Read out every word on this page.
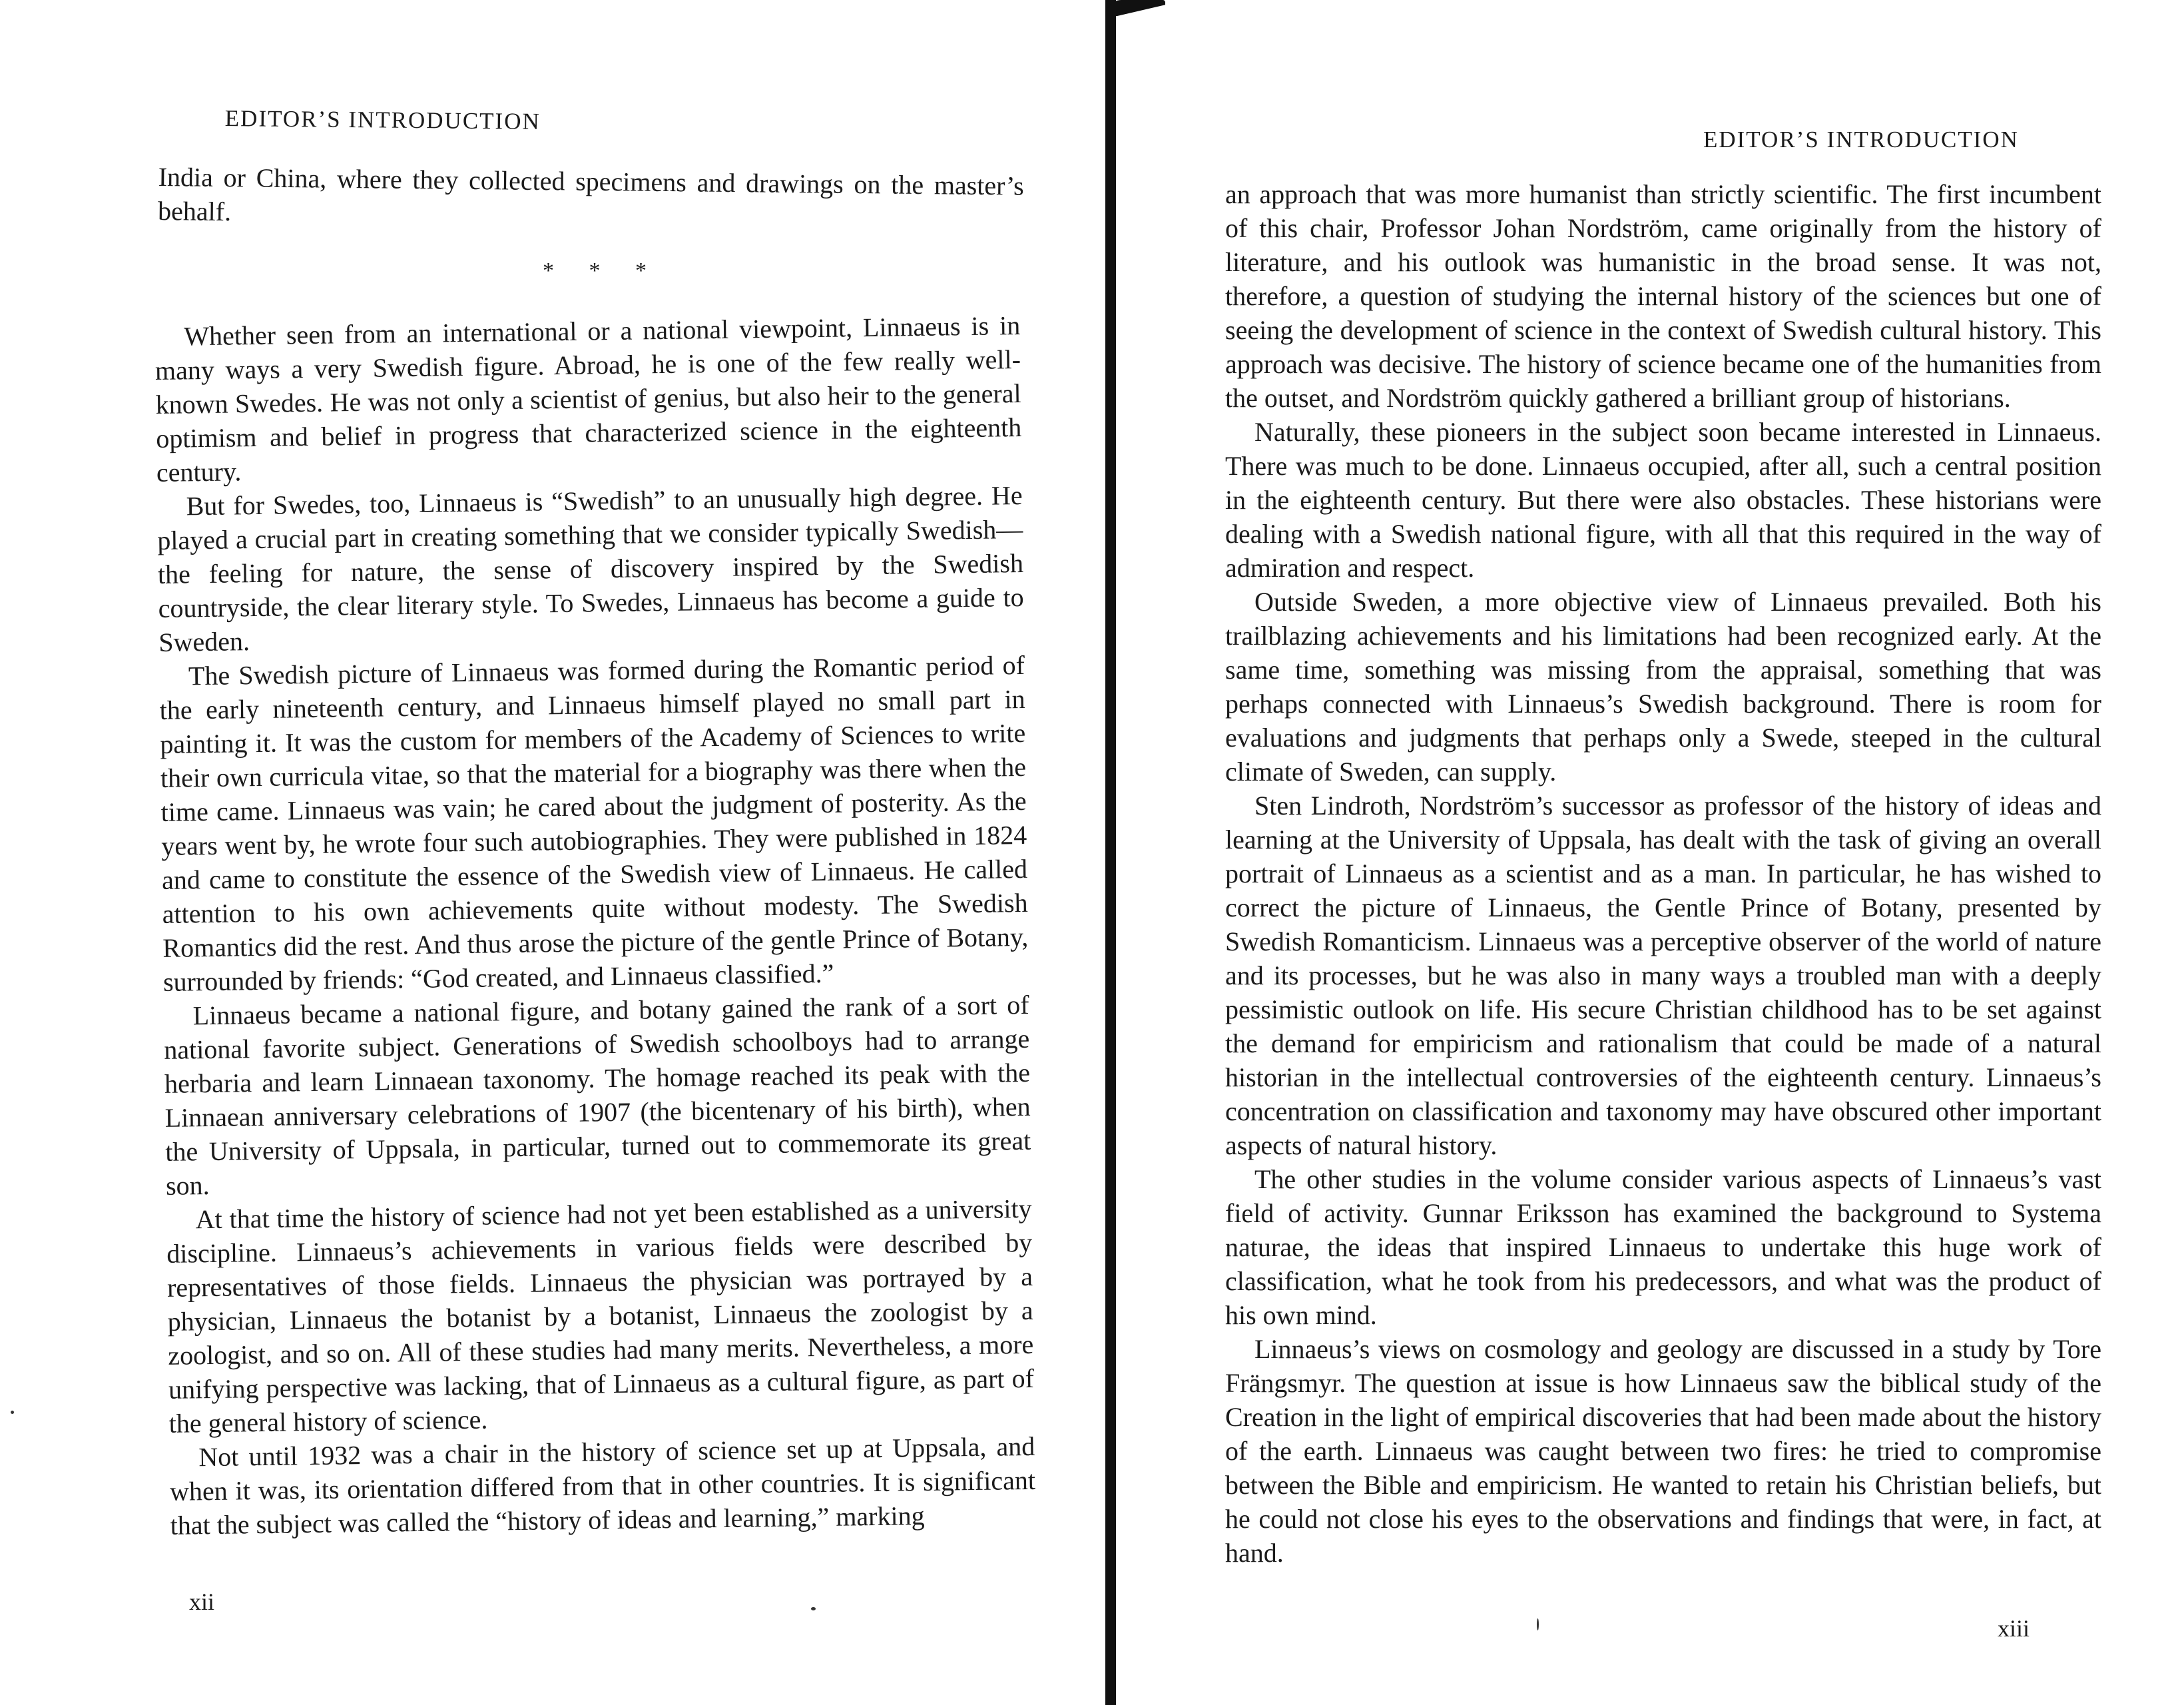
EDITOR’S INTRODUCTION

India or China, where they collected specimens and drawings on the master’s behalf.

* * *

Whether seen from an international or a national viewpoint, Linnaeus is in many ways a very Swedish figure. Abroad, he is one of the few really well-known Swedes. He was not only a scientist of genius, but also heir to the general optimism and belief in progress that characterized science in the eighteenth century.

But for Swedes, too, Linnaeus is “Swedish” to an unusually high degree. He played a crucial part in creating something that we consider typically Swedish—the feeling for nature, the sense of discovery inspired by the Swedish countryside, the clear literary style. To Swedes, Linnaeus has become a guide to Sweden.

The Swedish picture of Linnaeus was formed during the Romantic period of the early nineteenth century, and Linnaeus himself played no small part in painting it. It was the custom for members of the Academy of Sciences to write their own curricula vitae, so that the material for a biography was there when the time came. Linnaeus was vain; he cared about the judgment of posterity. As the years went by, he wrote four such autobiographies. They were published in 1824 and came to constitute the essence of the Swedish view of Linnaeus. He called attention to his own achievements quite without modesty. The Swedish Romantics did the rest. And thus arose the picture of the gentle Prince of Botany, surrounded by friends: “God created, and Linnaeus classified.”

Linnaeus became a national figure, and botany gained the rank of a sort of national favorite subject. Generations of Swedish schoolboys had to arrange herbaria and learn Linnaean taxonomy. The homage reached its peak with the Linnaean anniversary celebrations of 1907 (the bicentenary of his birth), when the University of Uppsala, in particular, turned out to commemorate its great son.

At that time the history of science had not yet been established as a university discipline. Linnaeus’s achievements in various fields were described by representatives of those fields. Linnaeus the physician was portrayed by a physician, Linnaeus the botanist by a botanist, Linnaeus the zoologist by a zoologist, and so on. All of these studies had many merits. Nevertheless, a more unifying perspective was lacking, that of Linnaeus as a cultural figure, as part of the general history of science.

Not until 1932 was a chair in the history of science set up at Uppsala, and when it was, its orientation differed from that in other countries. It is significant that the subject was called the “history of ideas and learning,” marking

xii

EDITOR’S INTRODUCTION

an approach that was more humanist than strictly scientific. The first incumbent of this chair, Professor Johan Nordström, came originally from the history of literature, and his outlook was humanistic in the broad sense. It was not, therefore, a question of studying the internal history of the sciences but one of seeing the development of science in the context of Swedish cultural history. This approach was decisive. The history of science became one of the humanities from the outset, and Nordström quickly gathered a brilliant group of historians.

Naturally, these pioneers in the subject soon became interested in Linnaeus. There was much to be done. Linnaeus occupied, after all, such a central position in the eighteenth century. But there were also obstacles. These historians were dealing with a Swedish national figure, with all that this required in the way of admiration and respect.

Outside Sweden, a more objective view of Linnaeus prevailed. Both his trailblazing achievements and his limitations had been recognized early. At the same time, something was missing from the appraisal, something that was perhaps connected with Linnaeus’s Swedish background. There is room for evaluations and judgments that perhaps only a Swede, steeped in the cultural climate of Sweden, can supply.

Sten Lindroth, Nordström’s successor as professor of the history of ideas and learning at the University of Uppsala, has dealt with the task of giving an overall portrait of Linnaeus as a scientist and as a man. In particular, he has wished to correct the picture of Linnaeus, the Gentle Prince of Botany, presented by Swedish Romanticism. Linnaeus was a perceptive observer of the world of nature and its processes, but he was also in many ways a troubled man with a deeply pessimistic outlook on life. His secure Christian childhood has to be set against the demand for empiricism and rationalism that could be made of a natural historian in the intellectual controversies of the eighteenth century. Linnaeus’s concentration on classification and taxonomy may have obscured other important aspects of natural history.

The other studies in the volume consider various aspects of Linnaeus’s vast field of activity. Gunnar Eriksson has examined the background to Systema naturae, the ideas that inspired Linnaeus to undertake this huge work of classification, what he took from his predecessors, and what was the product of his own mind.

Linnaeus’s views on cosmology and geology are discussed in a study by Tore Frängsmyr. The question at issue is how Linnaeus saw the biblical study of the Creation in the light of empirical discoveries that had been made about the history of the earth. Linnaeus was caught between two fires: he tried to compromise between the Bible and empiricism. He wanted to retain his Christian beliefs, but he could not close his eyes to the observations and findings that were, in fact, at hand.

xiii
